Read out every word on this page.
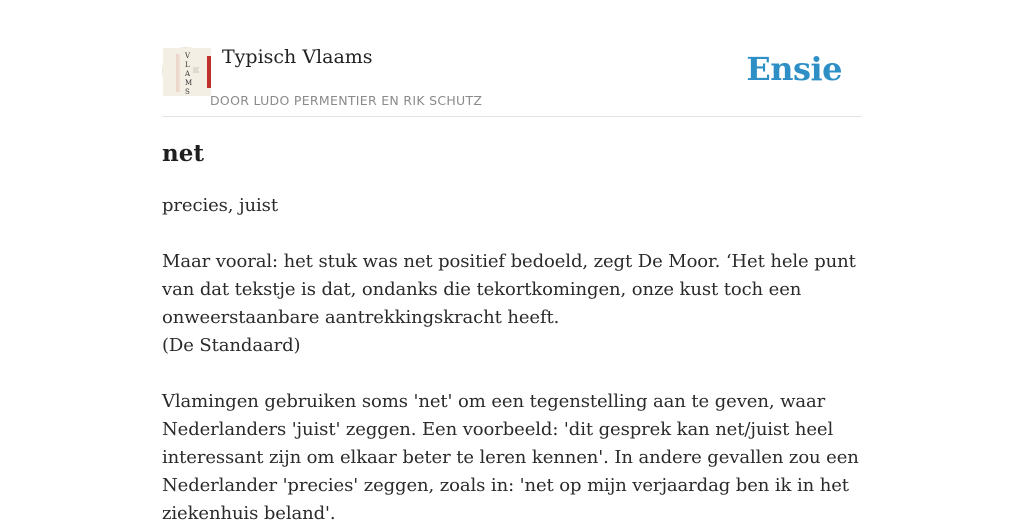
V
L
A
M
S
Typisch Vlaams
DOOR LUDO PERMENTIER EN RIK SCHUTZ
Ensie
net

precies, juist

Maar vooral: het stuk was net positief bedoeld, zegt De Moor. ‘Het hele punt van dat tekstje is dat, ondanks die tekortkomingen, onze kust toch een onweerstaanbare aantrekkingskracht heeft.
(De Standaard)

Vlamingen gebruiken soms 'net' om een tegenstelling aan te geven, waar Nederlanders 'juist' zeggen. Een voorbeeld: 'dit gesprek kan net/juist heel interessant zijn om elkaar beter te leren kennen'. In andere gevallen zou een Nederlander 'precies' zeggen, zoals in: 'net op mijn verjaardag ben ik in het ziekenhuis beland'.
